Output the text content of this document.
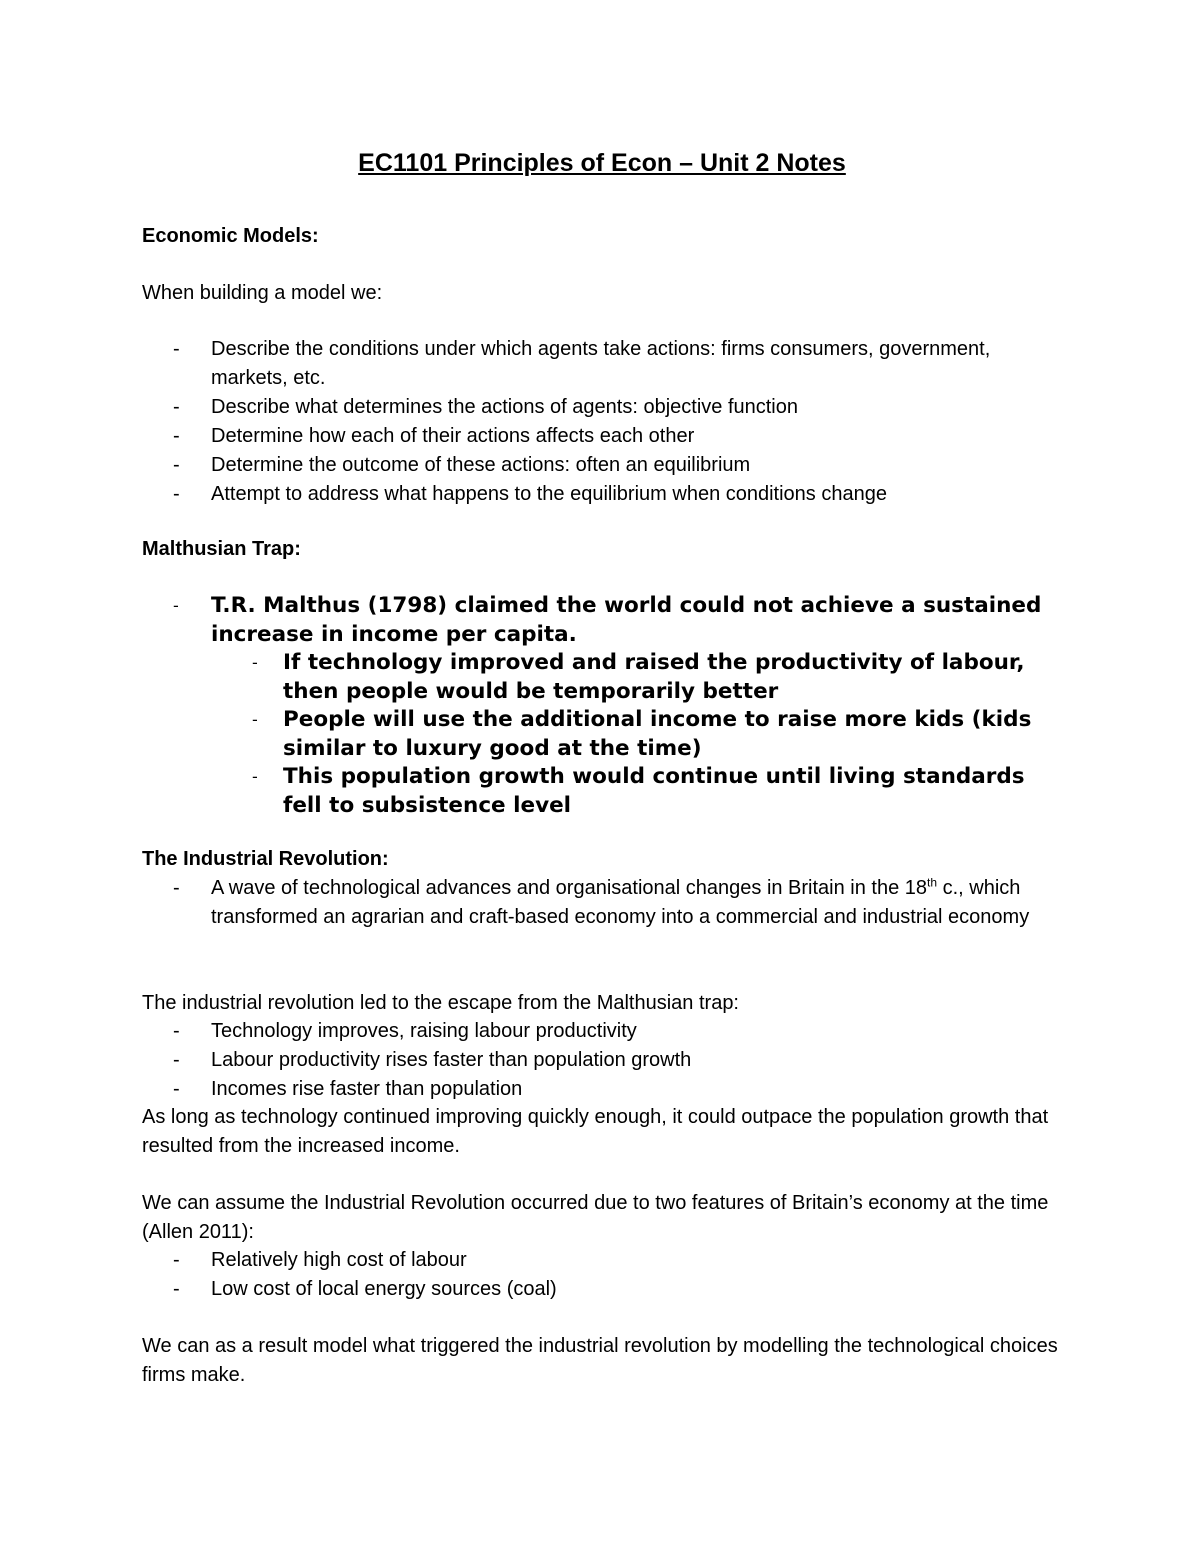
EC1101 Principles of Econ – Unit 2 Notes
Economic Models:
When building a model we:
- Describe the conditions under which agents take actions: firms consumers, government, markets, etc.
- Describe what determines the actions of agents: objective function
- Determine how each of their actions affects each other
- Determine the outcome of these actions: often an equilibrium
- Attempt to address what happens to the equilibrium when conditions change
Malthusian Trap:
- T.R. Malthus (1798) claimed the world could not achieve a sustained increase in income per capita.
- If technology improved and raised the productivity of labour, then people would be temporarily better
- People will use the additional income to raise more kids (kids similar to luxury good at the time)
- This population growth would continue until living standards fell to subsistence level
The Industrial Revolution:
- A wave of technological advances and organisational changes in Britain in the 18th c., which transformed an agrarian and craft-based economy into a commercial and industrial economy
The industrial revolution led to the escape from the Malthusian trap:
- Technology improves, raising labour productivity
- Labour productivity rises faster than population growth
- Incomes rise faster than population
As long as technology continued improving quickly enough, it could outpace the population growth that resulted from the increased income.
We can assume the Industrial Revolution occurred due to two features of Britain’s economy at the time (Allen 2011):
- Relatively high cost of labour
- Low cost of local energy sources (coal)
We can as a result model what triggered the industrial revolution by modelling the technological choices firms make.
